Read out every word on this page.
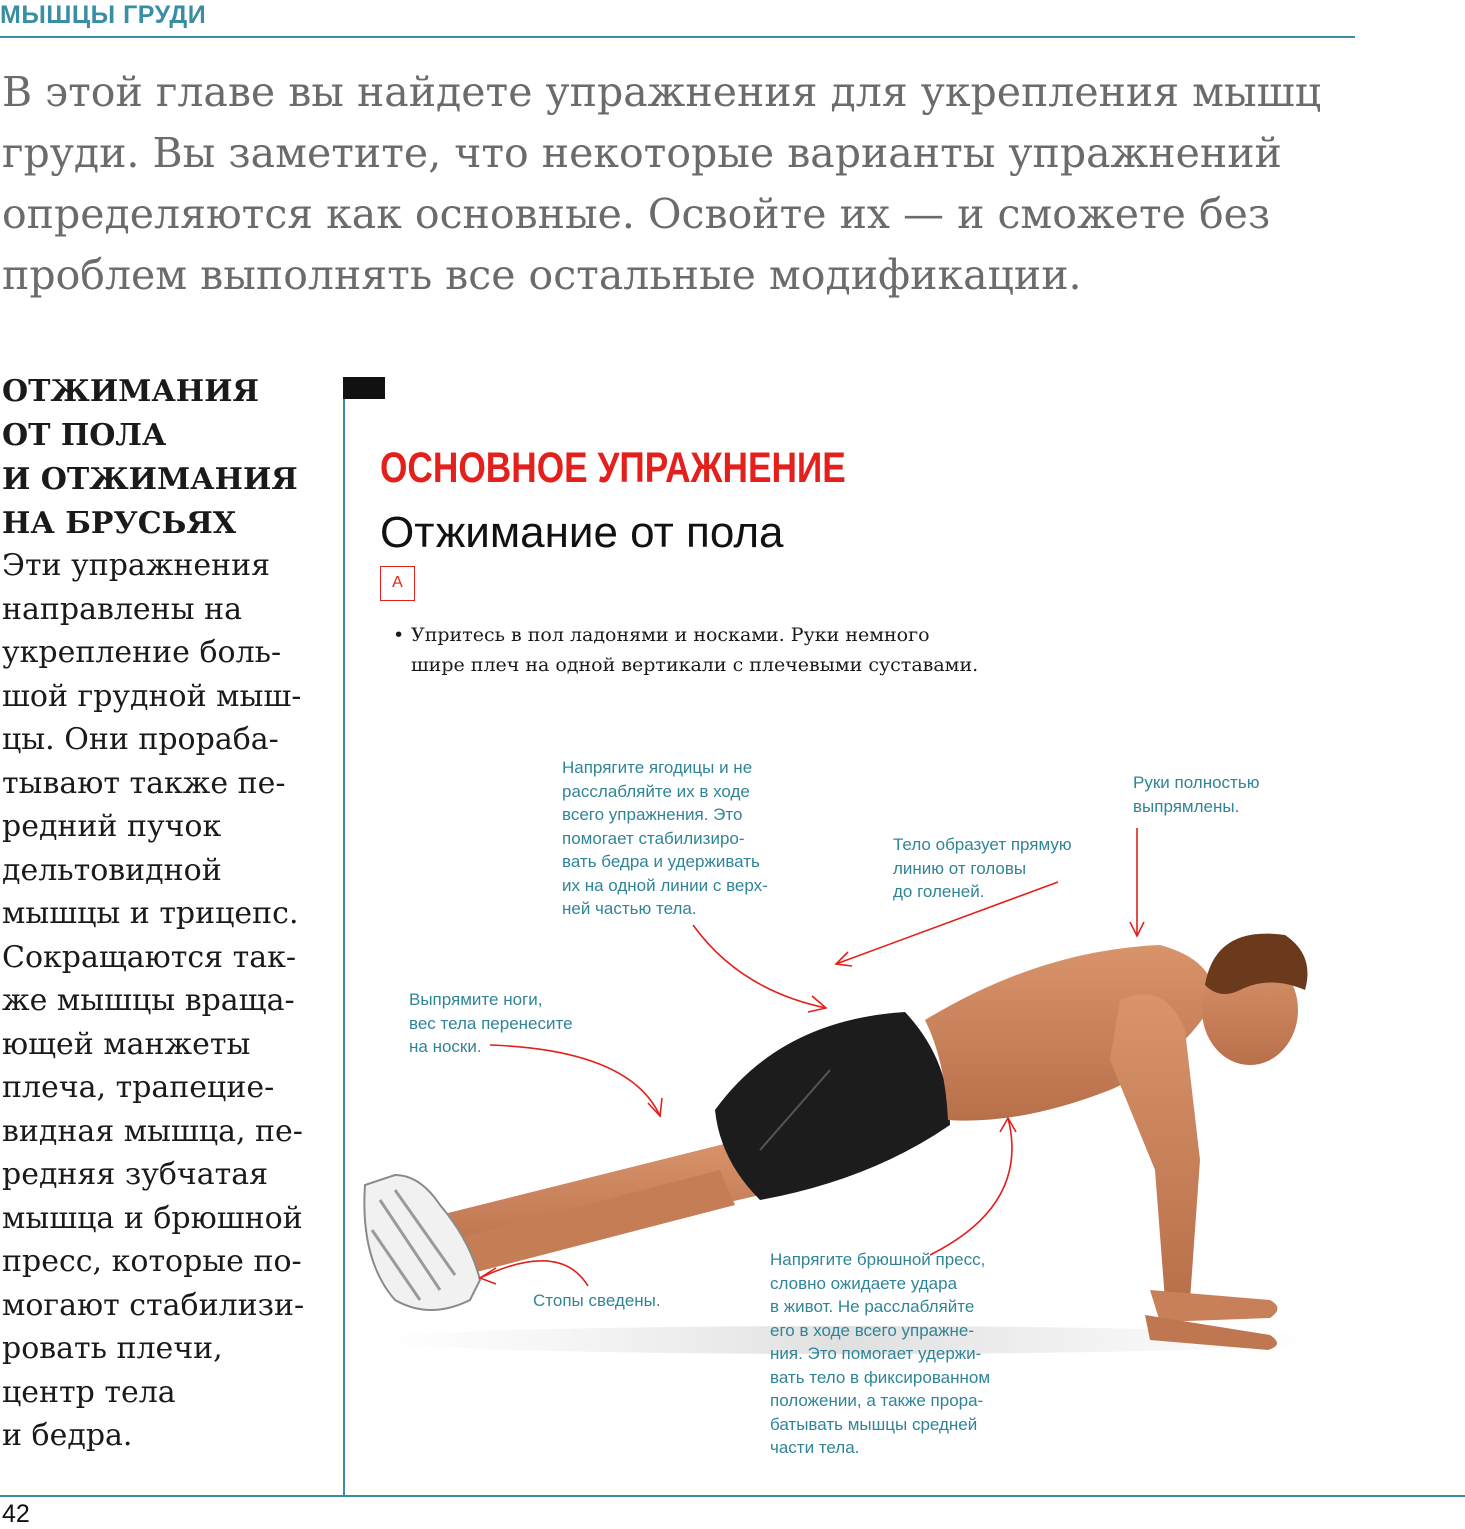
МЫШЦЫ ГРУДИ
В этой главе вы найдете упражнения для укрепления мышц груди. Вы заметите, что некоторые варианты упражнений определяются как основные. Освойте их — и сможете без проблем выполнять все остальные модификации.
ОТЖИМАНИЯ
ОТ ПОЛА
И ОТЖИМАНИЯ
НА БРУСЬЯХ
Эти упражнения
направлены на
укрепление боль-
шой грудной мыш-
цы. Они прораба-
тывают также пе-
редний пучок
дельтовидной
мышцы и трицепс.
Сокращаются так-
же мышцы враща-
ющей манжеты
плеча, трапецие-
видная мышца, пе-
редняя зубчатая
мышца и брюшной
пресс, которые по-
могают стабилизи-
ровать плечи,
центр тела
и бедра.
ОСНОВНОЕ УПРАЖНЕНИЕ
Отжимание от пола
А
• Упритесь в пол ладонями и носками. Руки немного
шире плеч на одной вертикали с плечевыми суставами.
Напрягите ягодицы и не
расслабляйте их в ходе
всего упражнения. Это
помогает стабилизиро-
вать бедра и удерживать
их на одной линии с верх-
ней частью тела.
Руки полностью
выпрямлены.
Тело образует прямую
линию от головы
до голеней.
Выпрямите ноги,
вес тела перенесите
на носки.
Стопы сведены.
Напрягите брюшной пресс,
словно ожидаете удара
в живот. Не расслабляйте
его в ходе всего упражне-
ния. Это помогает удержи-
вать тело в фиксированном
положении, а также прора-
батывать мышцы средней
части тела.
42
